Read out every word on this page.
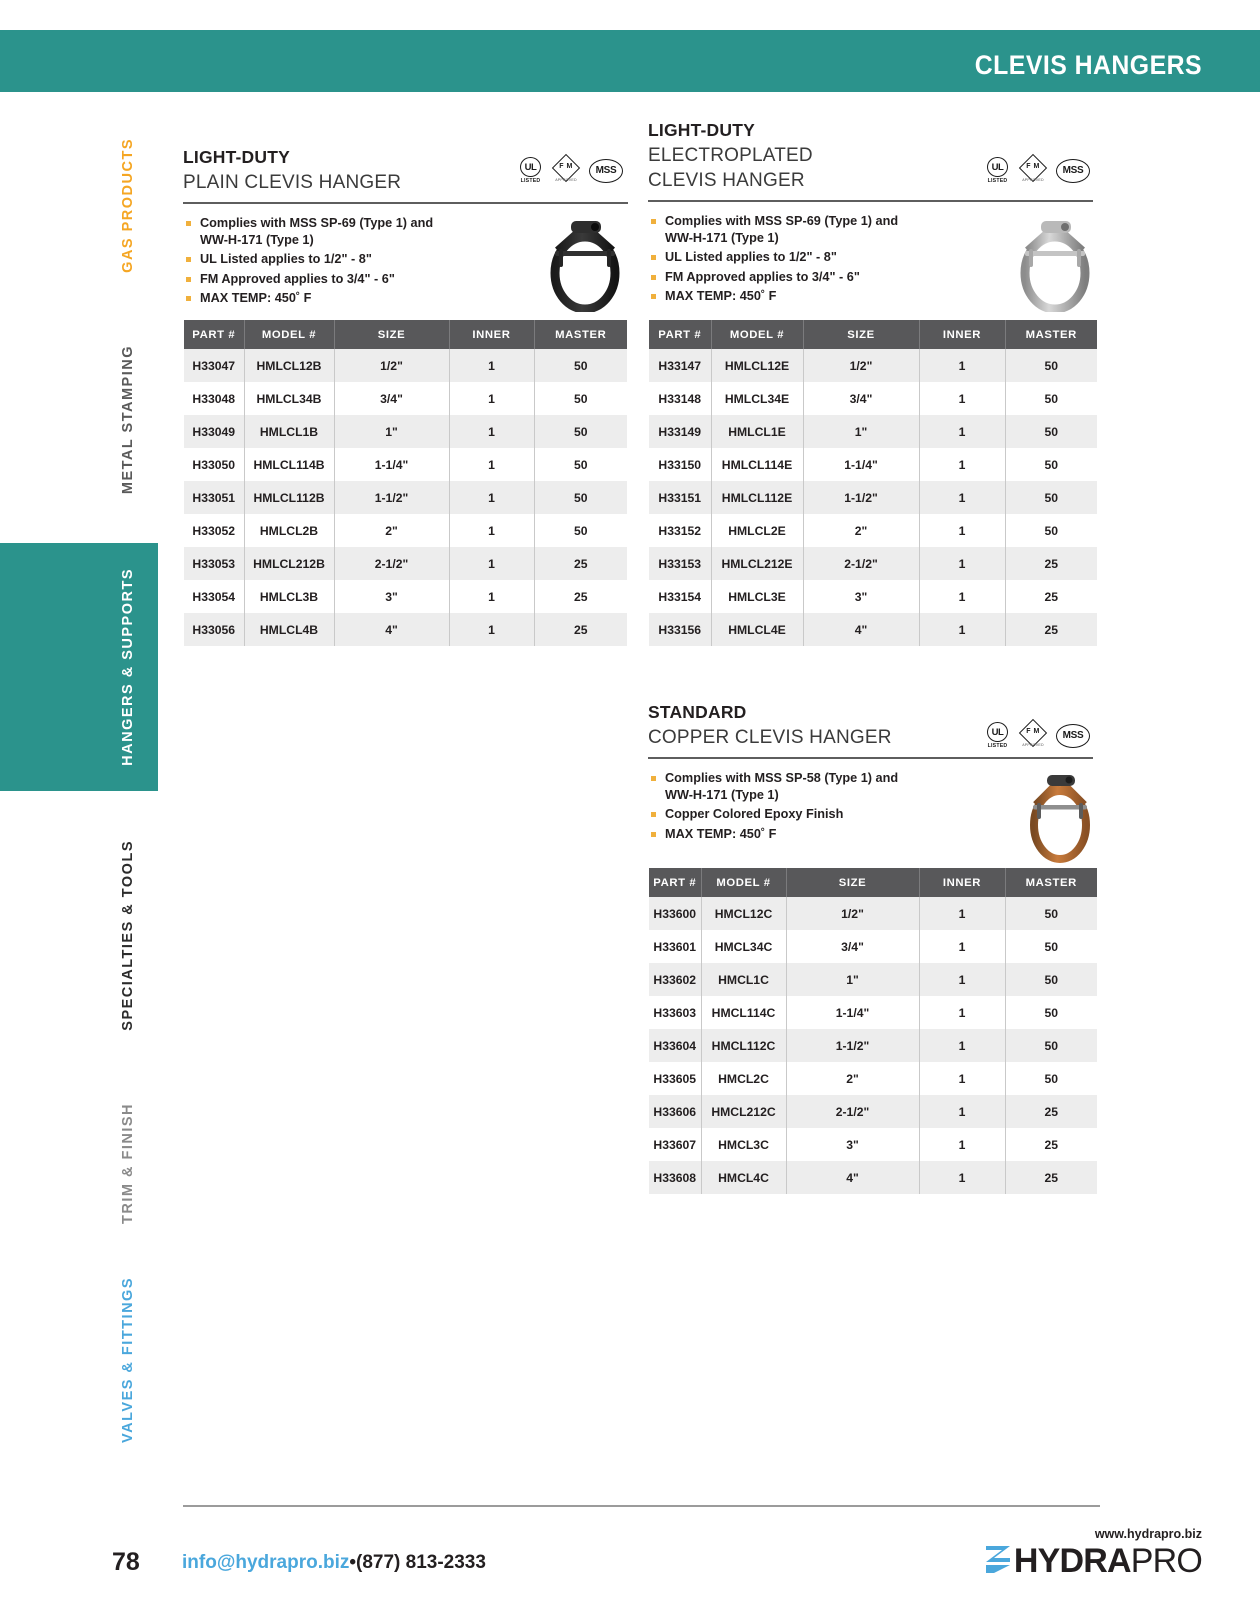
CLEVIS HANGERS
GAS PRODUCTS
METAL STAMPING
HANGERS & SUPPORTS
SPECIALTIES & TOOLS
TRIM & FINISH
VALVES & FITTINGS
LIGHT-DUTY
PLAIN CLEVIS HANGER
Complies with MSS SP-69 (Type 1) and WW-H-171 (Type 1)
UL Listed applies to 1/2" - 8"
FM Approved applies to 3/4" - 6"
MAX TEMP: 450˚ F
UL
LISTED
F M
APPROVED
MSS
PART #	MODEL #	SIZE	INNER	MASTER
H33047	HMLCL12B	1/2"	1	50
H33048	HMLCL34B	3/4"	1	50
H33049	HMLCL1B	1"	1	50
H33050	HMLCL114B	1-1/4"	1	50
H33051	HMLCL112B	1-1/2"	1	50
H33052	HMLCL2B	2"	1	50
H33053	HMLCL212B	2-1/2"	1	25
H33054	HMLCL3B	3"	1	25
H33056	HMLCL4B	4"	1	25
LIGHT-DUTY
ELECTROPLATED
CLEVIS HANGER
Complies with MSS SP-69 (Type 1) and WW-H-171 (Type 1)
UL Listed applies to 1/2" - 8"
FM Approved applies to 3/4" - 6"
MAX TEMP: 450˚ F
UL
LISTED
F M
APPROVED
MSS
PART #	MODEL #	SIZE	INNER	MASTER
H33147	HMLCL12E	1/2"	1	50
H33148	HMLCL34E	3/4"	1	50
H33149	HMLCL1E	1"	1	50
H33150	HMLCL114E	1-1/4"	1	50
H33151	HMLCL112E	1-1/2"	1	50
H33152	HMLCL2E	2"	1	50
H33153	HMLCL212E	2-1/2"	1	25
H33154	HMLCL3E	3"	1	25
H33156	HMLCL4E	4"	1	25
STANDARD
COPPER CLEVIS HANGER
Complies with MSS SP-58 (Type 1) and WW-H-171 (Type 1)
Copper Colored Epoxy Finish
MAX TEMP: 450˚ F
UL
LISTED
F M
APPROVED
MSS
PART #	MODEL #	SIZE	INNER	MASTER
H33600	HMCL12C	1/2"	1	50
H33601	HMCL34C	3/4"	1	50
H33602	HMCL1C	1"	1	50
H33603	HMCL114C	1-1/4"	1	50
H33604	HMCL112C	1-1/2"	1	50
H33605	HMCL2C	2"	1	50
H33606	HMCL212C	2-1/2"	1	25
H33607	HMCL3C	3"	1	25
H33608	HMCL4C	4"	1	25
78 info@hydrapro.biz•(877) 813-2333
www.hydrapro.biz
HYDRA PRO
